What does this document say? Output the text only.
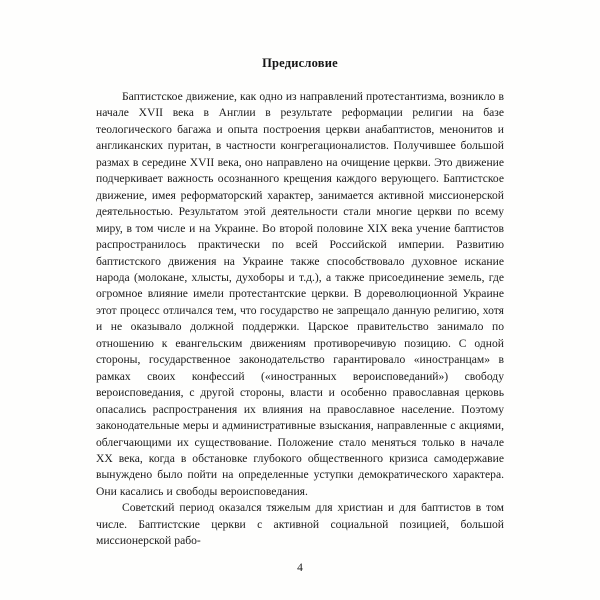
Предисловие

Баптистское движение, как одно из направлений протестантизма, возникло в начале XVII века в Англии в результате реформации религии на базе теологического багажа и опыта построения церкви анабаптистов, менонитов и англиканских пуритан, в частности конгрегационалистов. Получившее большой размах в середине XVII века, оно направлено на очищение церкви. Это движение подчеркивает важность осознанного крещения каждого верующего. Баптистское движение, имея реформаторский характер, занимается активной миссионерской деятельностью. Результатом этой деятельности стали многие церкви по всему миру, в том числе и на Украине. Во второй половине XIX века учение баптистов распространилось практически по всей Российской империи. Развитию баптистского движения на Украине также способствовало духовное искание народа (молокане, хлысты, духоборы и т.д.), а также присоединение земель, где огромное влияние имели протестантские церкви. В дореволюционной Украине этот процесс отличался тем, что государство не запрещало данную религию, хотя и не оказывало должной поддержки. Царское правительство занимало по отношению к евангельским движениям противоречивую позицию. С одной стороны, государственное законодательство гарантировало «иностранцам» в рамках своих конфессий («иностранных вероисповеданий») свободу вероисповедания, с другой стороны, власти и особенно православная церковь опасались распространения их влияния на православное население. Поэтому законодательные меры и административные взыскания, направленные с акциями, облегчающими их существование. Положение стало меняться только в начале XX века, когда в обстановке глубокого общественного кризиса самодержавие вынуждено было пойти на определенные уступки демократического характера. Они касались и свободы вероисповедания.

Советский период оказался тяжелым для христиан и для баптистов в том числе. Баптистские церкви с активной социальной позицией, большой миссионерской рабо-

4
